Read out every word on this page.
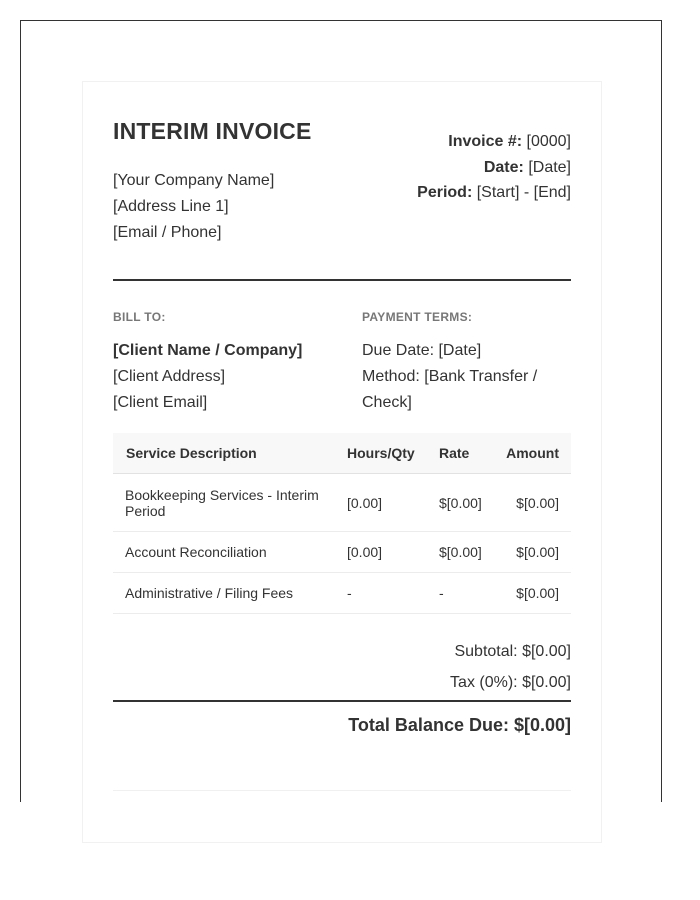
INTERIM INVOICE
[Your Company Name]
[Address Line 1]
[Email / Phone]
Invoice #: [0000]
Date: [Date]
Period: [Start] - [End]
BILL TO:
[Client Name / Company]
[Client Address]
[Client Email]
PAYMENT TERMS:
Due Date: [Date]
Method: [Bank Transfer / Check]
Service Description	Hours/Qty	Rate	Amount
Bookkeeping Services - Interim Period	[0.00]	$[0.00]	$[0.00]
Account Reconciliation	[0.00]	$[0.00]	$[0.00]
Administrative / Filing Fees	-	-	$[0.00]
Subtotal: $[0.00]
Tax (0%): $[0.00]
Total Balance Due: $[0.00]
